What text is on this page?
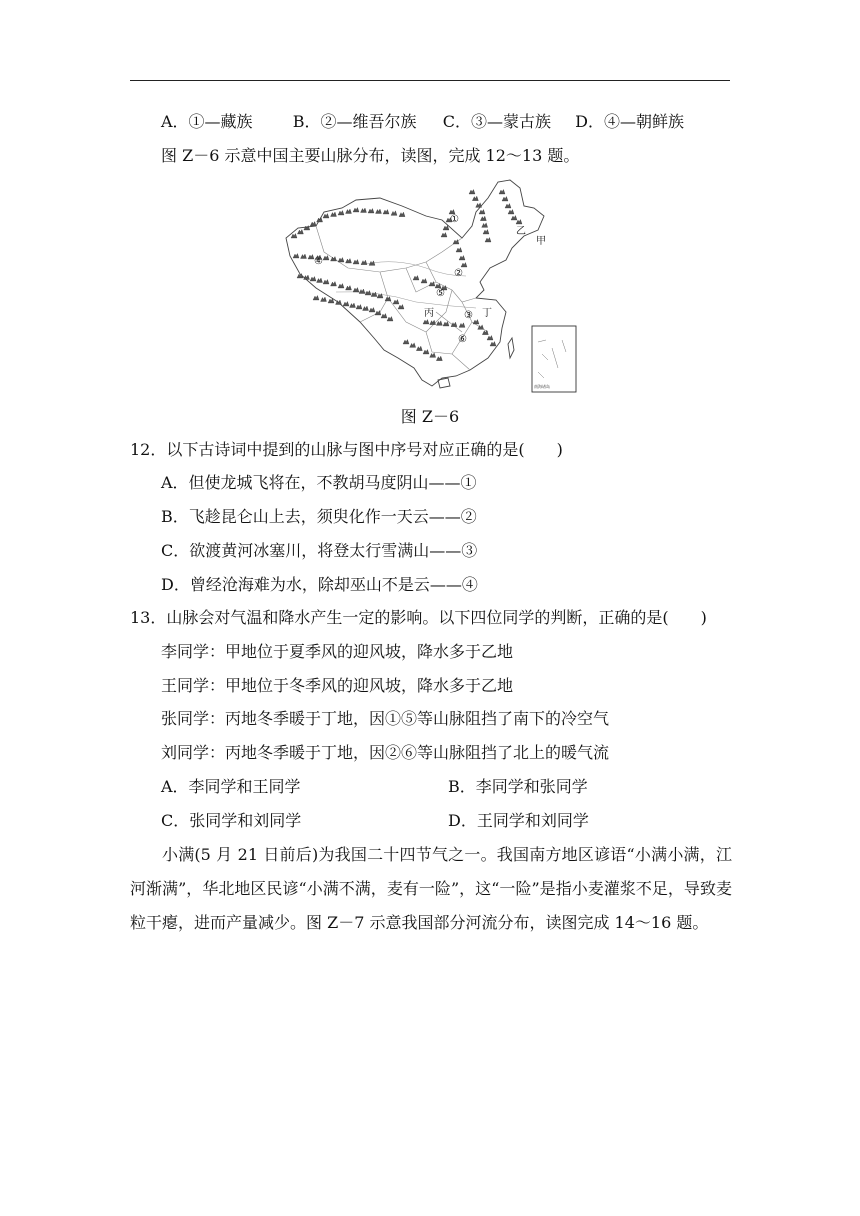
A．①—藏族	B．②—维吾尔族 C．③—蒙古族 D．④—朝鲜族
图 Z－6 示意中国主要山脉分布，读图，完成 12～13 题。
南海诸岛
①
②
③
④
⑤
⑥
甲
乙
丙	丁
图 Z－6
12．以下古诗词中提到的山脉与图中序号对应正确的是(　　)
A．但使龙城飞将在，不教胡马度阴山——①
B．飞趁昆仑山上去，须臾化作一天云——②
C．欲渡黄河冰塞川，将登太行雪满山——③
D．曾经沧海难为水，除却巫山不是云——④
13．山脉会对气温和降水产生一定的影响。以下四位同学的判断，正确的是(　　)
李同学：甲地位于夏季风的迎风坡，降水多于乙地
王同学：甲地位于冬季风的迎风坡，降水多于乙地
张同学：丙地冬季暖于丁地，因①⑤等山脉阻挡了南下的冷空气
刘同学：丙地冬季暖于丁地，因②⑥等山脉阻挡了北上的暖气流
A．李同学和王同学	B．李同学和张同学
C．张同学和刘同学	D．王同学和刘同学
小满(5 月 21 日前后)为我国二十四节气之一。我国南方地区谚语“小满小满，江河渐满”，华北地区民谚“小满不满，麦有一险”，这“一险”是指小麦灌浆不足，导致麦粒干瘪，进而产量减少。图 Z－7 示意我国部分河流分布，读图完成 14～16 题。
